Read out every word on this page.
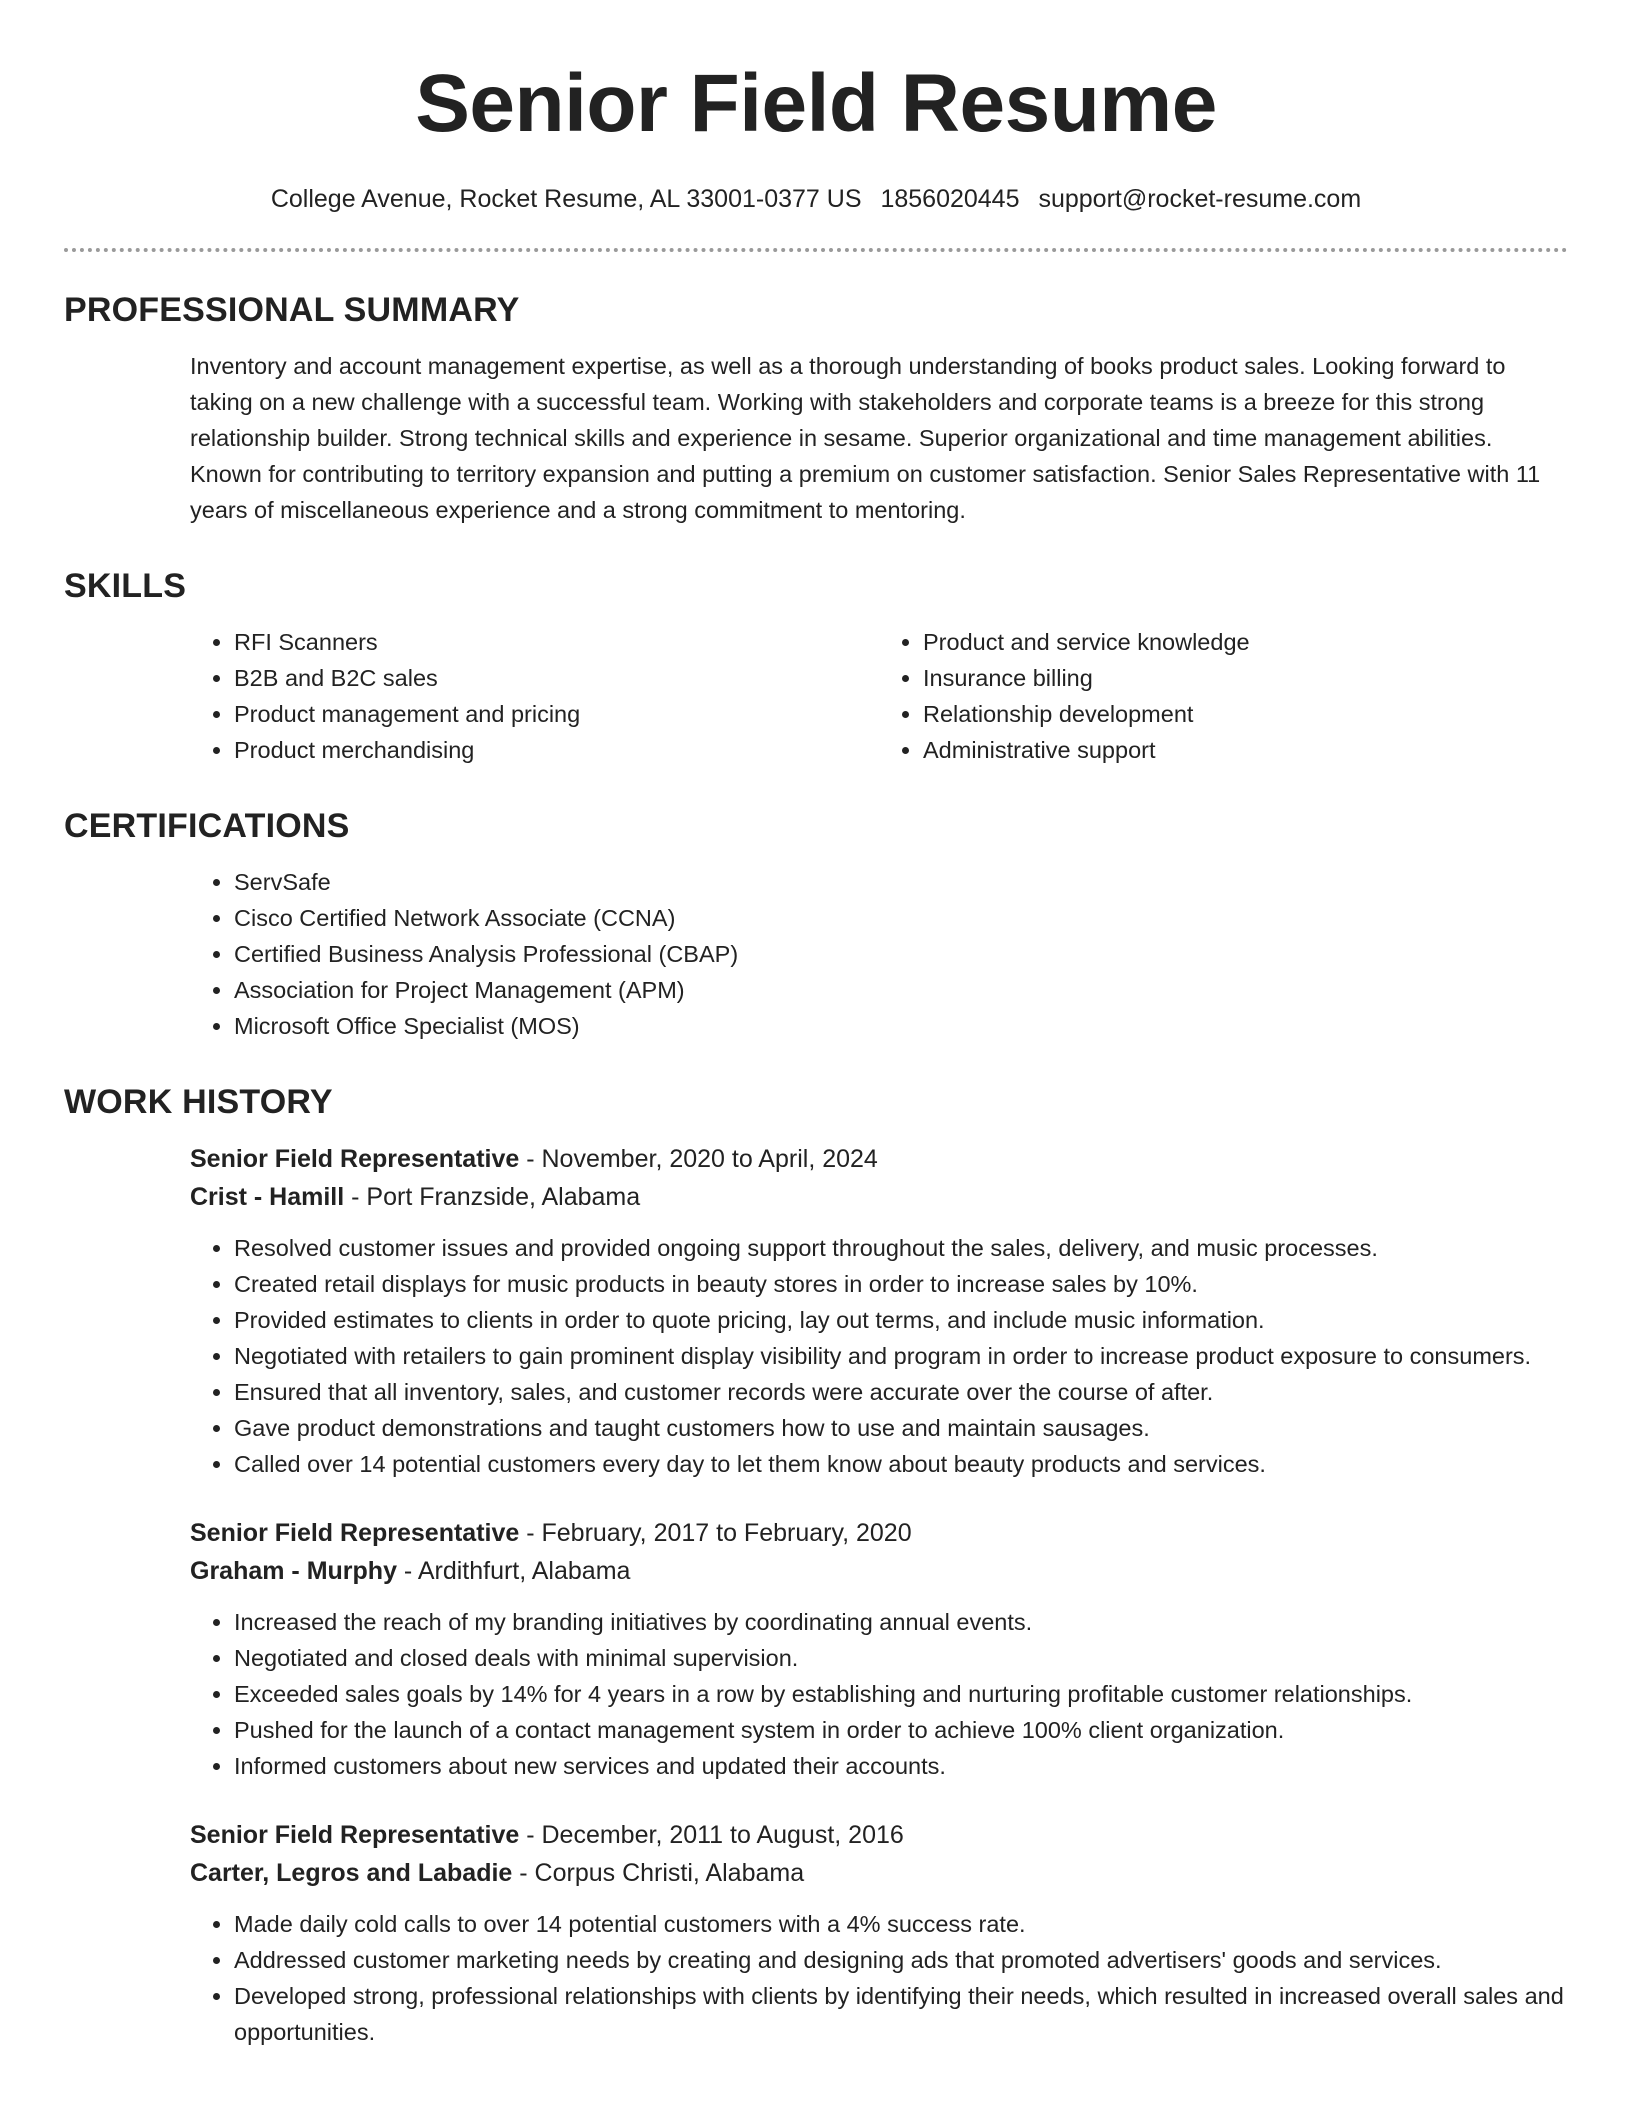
Senior Field Resume
College Avenue, Rocket Resume, AL 33001-0377 US 1856020445 support@rocket-resume.com
PROFESSIONAL SUMMARY

Inventory and account management expertise, as well as a thorough understanding of books product sales. Looking forward to taking on a new challenge with a successful team. Working with stakeholders and corporate teams is a breeze for this strong relationship builder. Strong technical skills and experience in sesame. Superior organizational and time management abilities. Known for contributing to territory expansion and putting a premium on customer satisfaction. Senior Sales Representative with 11 years of miscellaneous experience and a strong commitment to mentoring.

SKILLS
• RFI Scanners
• B2B and B2C sales
• Product management and pricing
• Product merchandising
• Product and service knowledge
• Insurance billing
• Relationship development
• Administrative support
CERTIFICATIONS
• ServSafe
• Cisco Certified Network Associate (CCNA)
• Certified Business Analysis Professional (CBAP)
• Association for Project Management (APM)
• Microsoft Office Specialist (MOS)
WORK HISTORY
Senior Field Representative - November, 2020 to April, 2024
Crist - Hamill - Port Franzside, Alabama
• Resolved customer issues and provided ongoing support throughout the sales, delivery, and music processes.
• Created retail displays for music products in beauty stores in order to increase sales by 10%.
• Provided estimates to clients in order to quote pricing, lay out terms, and include music information.
• Negotiated with retailers to gain prominent display visibility and program in order to increase product exposure to consumers.
• Ensured that all inventory, sales, and customer records were accurate over the course of after.
• Gave product demonstrations and taught customers how to use and maintain sausages.
• Called over 14 potential customers every day to let them know about beauty products and services.
Senior Field Representative - February, 2017 to February, 2020
Graham - Murphy - Ardithfurt, Alabama
• Increased the reach of my branding initiatives by coordinating annual events.
• Negotiated and closed deals with minimal supervision.
• Exceeded sales goals by 14% for 4 years in a row by establishing and nurturing profitable customer relationships.
• Pushed for the launch of a contact management system in order to achieve 100% client organization.
• Informed customers about new services and updated their accounts.
Senior Field Representative - December, 2011 to August, 2016
Carter, Legros and Labadie - Corpus Christi, Alabama
• Made daily cold calls to over 14 potential customers with a 4% success rate.
• Addressed customer marketing needs by creating and designing ads that promoted advertisers' goods and services.
• Developed strong, professional relationships with clients by identifying their needs, which resulted in increased overall sales and opportunities.
